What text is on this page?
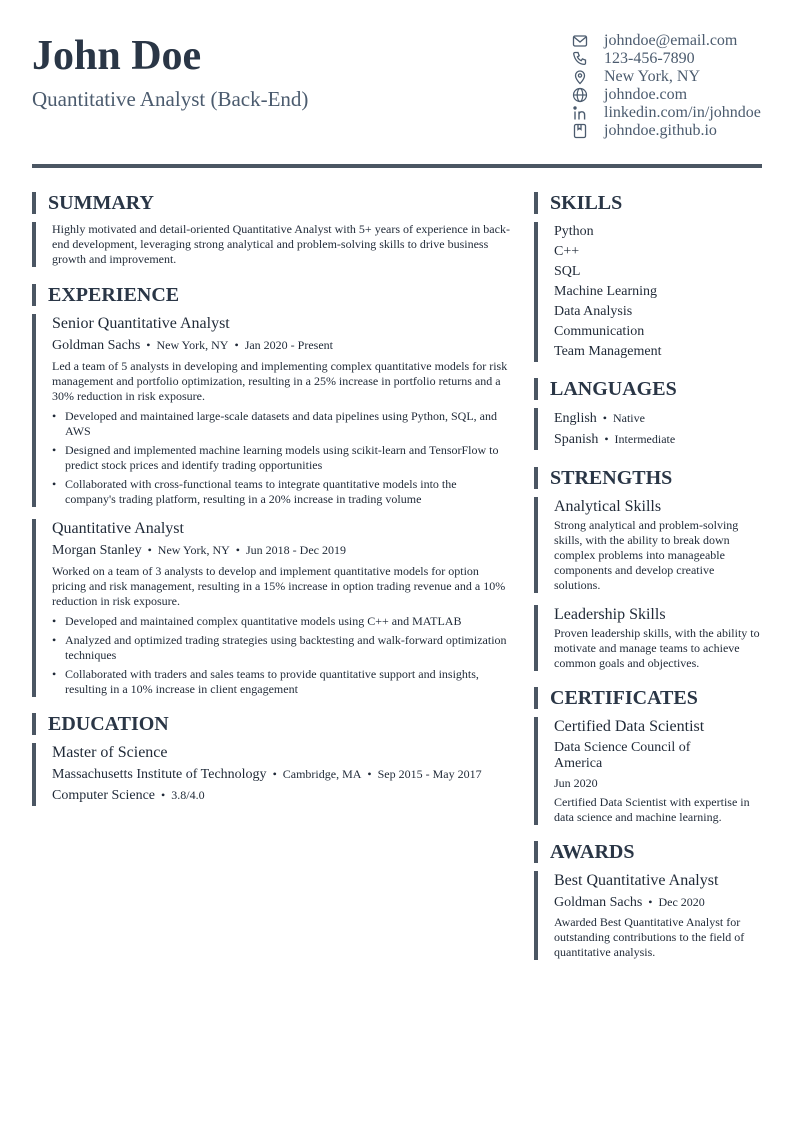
John Doe
Quantitative Analyst (Back-End)
johndoe@email.com
123-456-7890
New York, NY
johndoe.com
linkedin.com/in/johndoe
johndoe.github.io
SUMMARY
Highly motivated and detail-oriented Quantitative Analyst with 5+ years of experience in back-end development, leveraging strong analytical and problem-solving skills to drive business growth and improvement.
EXPERIENCE
Senior Quantitative Analyst
Goldman Sachs • New York, NY • Jan 2020 - Present
Led a team of 5 analysts in developing and implementing complex quantitative models for risk management and portfolio optimization, resulting in a 25% increase in portfolio returns and a 30% reduction in risk exposure.
• Developed and maintained large-scale datasets and data pipelines using Python, SQL, and AWS
• Designed and implemented machine learning models using scikit-learn and TensorFlow to predict stock prices and identify trading opportunities
• Collaborated with cross-functional teams to integrate quantitative models into the company's trading platform, resulting in a 20% increase in trading volume
Quantitative Analyst
Morgan Stanley • New York, NY • Jun 2018 - Dec 2019
Worked on a team of 3 analysts to develop and implement quantitative models for option pricing and risk management, resulting in a 15% increase in option trading revenue and a 10% reduction in risk exposure.
• Developed and maintained complex quantitative models using C++ and MATLAB
• Analyzed and optimized trading strategies using backtesting and walk-forward optimization techniques
• Collaborated with traders and sales teams to provide quantitative support and insights, resulting in a 10% increase in client engagement
EDUCATION
Master of Science
Massachusetts Institute of Technology • Cambridge, MA • Sep 2015 - May 2017
Computer Science • 3.8/4.0
SKILLS
Python
C++
SQL
Machine Learning
Data Analysis
Communication
Team Management
LANGUAGES
English • Native
Spanish • Intermediate
STRENGTHS
Analytical Skills
Strong analytical and problem-solving skills, with the ability to break down complex problems into manageable components and develop creative solutions.
Leadership Skills
Proven leadership skills, with the ability to motivate and manage teams to achieve common goals and objectives.
CERTIFICATES
Certified Data Scientist
Data Science Council of America
Jun 2020
Certified Data Scientist with expertise in data science and machine learning.
AWARDS
Best Quantitative Analyst
Goldman Sachs • Dec 2020
Awarded Best Quantitative Analyst for outstanding contributions to the field of quantitative analysis.
